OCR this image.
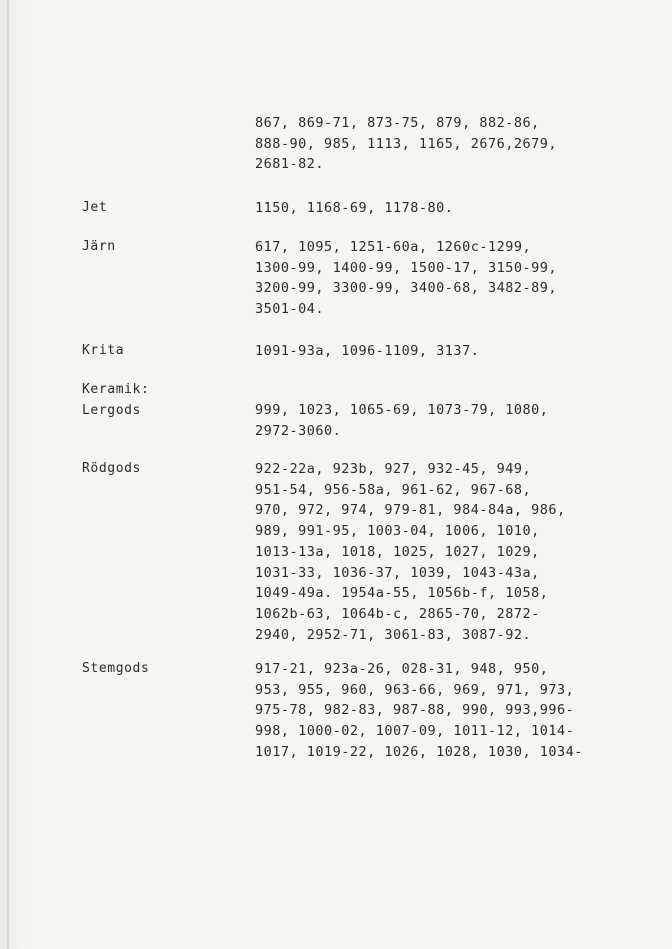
867, 869-71, 873-75, 879, 882-86,
888-90, 985, 1113, 1165, 2676,2679,
2681-82.
Jet	1150, 1168-69, 1178-80.
Järn	617, 1095, 1251-60a, 1260c-1299,
1300-99, 1400-99, 1500-17, 3150-99,
3200-99, 3300-99, 3400-68, 3482-89,
3501-04.
Krita	1091-93a, 1096-1109, 3137.
Keramik:
Lergods	999, 1023, 1065-69, 1073-79, 1080,
2972-3060.
Rödgods	922-22a, 923b, 927, 932-45, 949,
951-54, 956-58a, 961-62, 967-68,
970, 972, 974, 979-81, 984-84a, 986,
989, 991-95, 1003-04, 1006, 1010,
1013-13a, 1018, 1025, 1027, 1029,
1031-33, 1036-37, 1039, 1043-43a,
1049-49a. 1954a-55, 1056b-f, 1058,
1062b-63, 1064b-c, 2865-70, 2872-
2940, 2952-71, 3061-83, 3087-92.
Stemgods	917-21, 923a-26, 028-31, 948, 950,
953, 955, 960, 963-66, 969, 971, 973,
975-78, 982-83, 987-88, 990, 993,996-
998, 1000-02, 1007-09, 1011-12, 1014-
1017, 1019-22, 1026, 1028, 1030, 1034-
